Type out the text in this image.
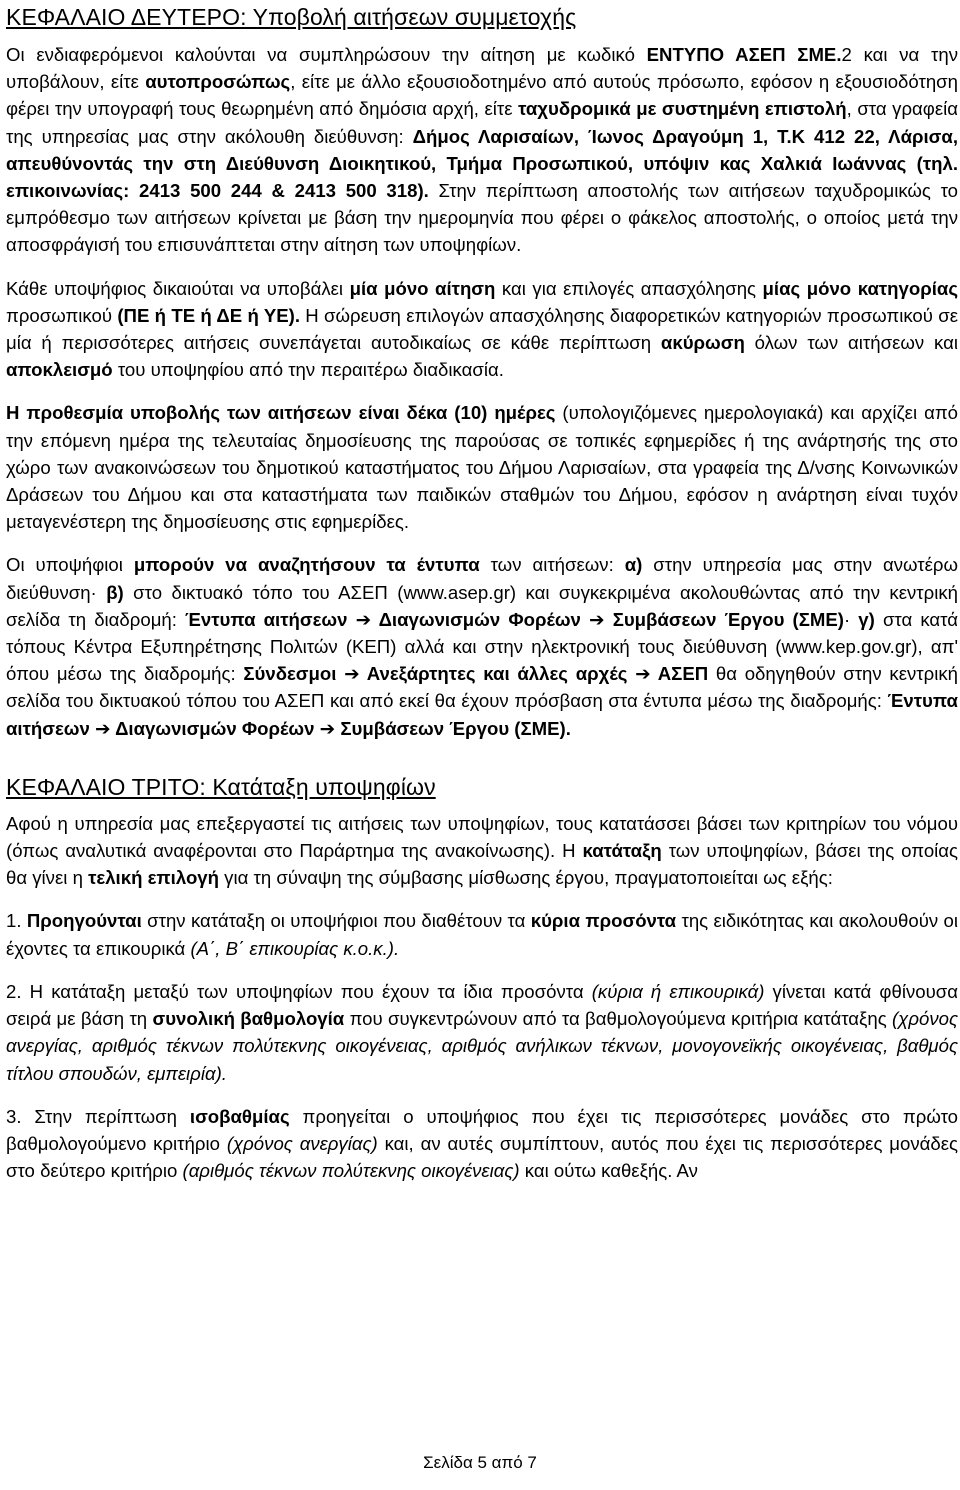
ΚΕΦΑΛΑΙΟ ΔΕΥΤΕΡΟ: Υποβολή αιτήσεων συμμετοχής

Οι ενδιαφερόμενοι καλούνται να συμπληρώσουν την αίτηση με κωδικό ΕΝΤΥΠΟ ΑΣΕΠ ΣΜΕ.2 και να την υποβάλουν, είτε αυτοπροσώπως, είτε με άλλο εξουσιοδοτημένο από αυτούς πρόσωπο, εφόσον η εξουσιοδότηση φέρει την υπογραφή τους θεωρημένη από δημόσια αρχή, είτε ταχυδρομικά με συστημένη επιστολή, στα γραφεία της υπηρεσίας μας στην ακόλουθη διεύθυνση: Δήμος Λαρισαίων, Ίωνος Δραγούμη 1, Τ.Κ 412 22, Λάρισα, απευθύνοντάς την στη Διεύθυνση Διοικητικού, Τμήμα Προσωπικού, υπόψιν κας Χαλκιά Ιωάννας (τηλ. επικοινωνίας: 2413 500 244 & 2413 500 318). Στην περίπτωση αποστολής των αιτήσεων ταχυδρομικώς το εμπρόθεσμο των αιτήσεων κρίνεται με βάση την ημερομηνία που φέρει ο φάκελος αποστολής, ο οποίος μετά την αποσφράγισή του επισυνάπτεται στην αίτηση των υποψηφίων.

Κάθε υποψήφιος δικαιούται να υποβάλει μία μόνο αίτηση και για επιλογές απασχόλησης μίας μόνο κατηγορίας προσωπικού (ΠΕ ή ΤΕ ή ΔΕ ή ΥΕ). Η σώρευση επιλογών απασχόλησης διαφορετικών κατηγοριών προσωπικού σε μία ή περισσότερες αιτήσεις συνεπάγεται αυτοδικαίως σε κάθε περίπτωση ακύρωση όλων των αιτήσεων και αποκλεισμό του υποψηφίου από την περαιτέρω διαδικασία.

Η προθεσμία υποβολής των αιτήσεων είναι δέκα (10) ημέρες (υπολογιζόμενες ημερολογιακά) και αρχίζει από την επόμενη ημέρα της τελευταίας δημοσίευσης της παρούσας σε τοπικές εφημερίδες ή της ανάρτησής της στο χώρο των ανακοινώσεων του δημοτικού καταστήματος του Δήμου Λαρισαίων, στα γραφεία της Δ/νσης Κοινωνικών Δράσεων του Δήμου και στα καταστήματα των παιδικών σταθμών του Δήμου, εφόσον η ανάρτηση είναι τυχόν μεταγενέστερη της δημοσίευσης στις εφημερίδες.

Οι υποψήφιοι μπορούν να αναζητήσουν τα έντυπα των αιτήσεων: α) στην υπηρεσία μας στην ανωτέρω διεύθυνση· β) στο δικτυακό τόπο του ΑΣΕΠ (www.asep.gr) και συγκεκριμένα ακολουθώντας από την κεντρική σελίδα τη διαδρομή: Έντυπα αιτήσεων ➔ Διαγωνισμών Φορέων ➔ Συμβάσεων Έργου (ΣΜΕ)· γ) στα κατά τόπους Κέντρα Εξυπηρέτησης Πολιτών (ΚΕΠ) αλλά και στην ηλεκτρονική τους διεύθυνση (www.kep.gov.gr), απ' όπου μέσω της διαδρομής: Σύνδεσμοι ➔ Ανεξάρτητες και άλλες αρχές ➔ ΑΣΕΠ θα οδηγηθούν στην κεντρική σελίδα του δικτυακού τόπου του ΑΣΕΠ και από εκεί θα έχουν πρόσβαση στα έντυπα μέσω της διαδρομής: Έντυπα αιτήσεων ➔ Διαγωνισμών Φορέων ➔ Συμβάσεων Έργου (ΣΜΕ).

ΚΕΦΑΛΑΙΟ ΤΡΙΤΟ: Κατάταξη υποψηφίων

Αφού η υπηρεσία μας επεξεργαστεί τις αιτήσεις των υποψηφίων, τους κατατάσσει βάσει των κριτηρίων του νόμου (όπως αναλυτικά αναφέρονται στο Παράρτημα της ανακοίνωσης). Η κατάταξη των υποψηφίων, βάσει της οποίας θα γίνει η τελική επιλογή για τη σύναψη της σύμβασης μίσθωσης έργου, πραγματοποιείται ως εξής:

1. Προηγούνται στην κατάταξη οι υποψήφιοι που διαθέτουν τα κύρια προσόντα της ειδικότητας και ακολουθούν οι έχοντες τα επικουρικά (Α΄, Β΄ επικουρίας κ.ο.κ.).

2. Η κατάταξη μεταξύ των υποψηφίων που έχουν τα ίδια προσόντα (κύρια ή επικουρικά) γίνεται κατά φθίνουσα σειρά με βάση τη συνολική βαθμολογία που συγκεντρώνουν από τα βαθμολογούμενα κριτήρια κατάταξης (χρόνος ανεργίας, αριθμός τέκνων πολύτεκνης οικογένειας, αριθμός ανήλικων τέκνων, μονογονεϊκής οικογένειας, βαθμός τίτλου σπουδών, εμπειρία).

3. Στην περίπτωση ισοβαθμίας προηγείται ο υποψήφιος που έχει τις περισσότερες μονάδες στο πρώτο βαθμολογούμενο κριτήριο (χρόνος ανεργίας) και, αν αυτές συμπίπτουν, αυτός που έχει τις περισσότερες μονάδες στο δεύτερο κριτήριο (αριθμός τέκνων πολύτεκνης οικογένειας) και ούτω καθεξής. Αν

Σελίδα 5 από 7
